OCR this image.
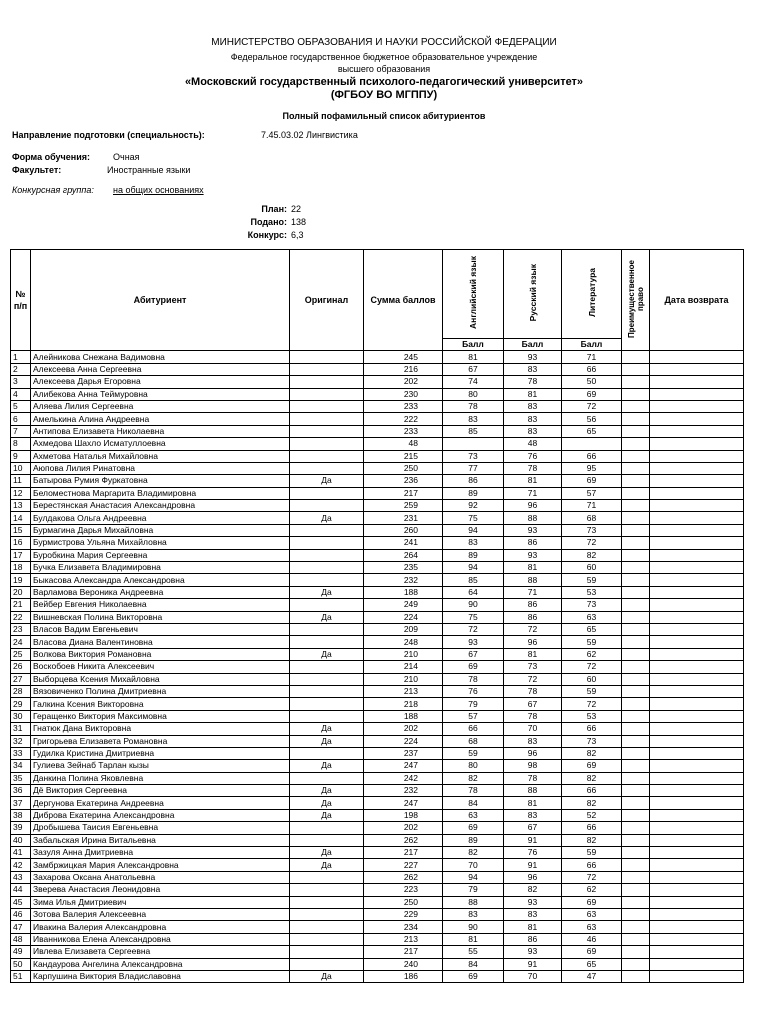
МИНИСТЕРСТВО ОБРАЗОВАНИЯ И НАУКИ РОССИЙСКОЙ ФЕДЕРАЦИИ
Федеральное государственное бюджетное образовательное учреждение
высшего образования
«Московский государственный психолого-педагогический университет»
(ФГБОУ ВО МГППУ)
Полный пофамильный список абитуриентов
Направление подготовки (специальность):	7.45.03.02 Лингвистика
Форма обучения:	Очная
Факультет:	Иностранные языки
Конкурсная группа: на общих основаниях
План: 22
Подано: 138
Конкурс: 6,3
№ п/п	Абитуриент	Оригинал	Сумма баллов	Английский язык	Русский язык	Литература	Преимущественное право	Дата возврата
				Балл	Балл	Балл		
1	Алейникова Снежана Вадимовна		245	81	93	71		
2	Алексеева Анна Сергеевна		216	67	83	66		
3	Алексеева Дарья Егоровна		202	74	78	50		
4	Алибекова Анна Теймуровна		230	80	81	69		
5	Аляева Лилия Сергеевна		233	78	83	72		
6	Амелькина Алина Андреевна		222	83	83	56		
7	Антипова Елизавета Николаевна		233	85	83	65		
8	Ахмедова Шахло Исматуллоевна		48		48			
9	Ахметова Наталья Михайловна		215	73	76	66		
10	Аюпова Лилия Ринатовна		250	77	78	95		
11	Батырова Румия Фуркатовна	Да	236	86	81	69		
12	Беломестнова Маргарита Владимировна		217	89	71	57		
13	Берестянская Анастасия Александровна		259	92	96	71		
14	Булдакова Ольга Андреевна	Да	231	75	88	68		
15	Бурмагина Дарья Михайловна		260	94	93	73		
16	Бурмистрова Ульяна Михайловна		241	83	86	72		
17	Буробкина Мария Сергеевна		264	89	93	82		
18	Бучка Елизавета Владимировна		235	94	81	60		
19	Быкасова Александра Александровна		232	85	88	59		
20	Варламова Вероника Андреевна	Да	188	64	71	53		
21	Вейбер Евгения Николаевна		249	90	86	73		
22	Вишневская Полина Викторовна	Да	224	75	86	63		
23	Власов Вадим Евгеньевич		209	72	72	65		
24	Власова Диана Валентиновна		248	93	96	59		
25	Волкова Виктория Романовна	Да	210	67	81	62		
26	Воскобоев Никита Алексеевич		214	69	73	72		
27	Выборцева Ксения Михайловна		210	78	72	60		
28	Вязовиченко Полина Дмитриевна		213	76	78	59		
29	Галкина Ксения Викторовна		218	79	67	72		
30	Геращенко Виктория Максимовна		188	57	78	53		
31	Гнатюк Дана Викторовна	Да	202	66	70	66		
32	Григорьева Елизавета Романовна	Да	224	68	83	73		
33	Гудилка Кристина Дмитриевна		237	59	96	82		
34	Гулиева Зейнаб Тарлан кызы	Да	247	80	98	69		
35	Данкина Полина Яковлевна		242	82	78	82		
36	Дё Виктория Сергеевна	Да	232	78	88	66		
37	Дергунова Екатерина Андреевна	Да	247	84	81	82		
38	Диброва Екатерина Александровна	Да	198	63	83	52		
39	Дробышева Таисия Евгеньевна		202	69	67	66		
40	Забальская Ирина Витальевна		262	89	91	82		
41	Зазуля Анна Дмитриевна	Да	217	82	76	59		
42	Замбржицкая Мария Александровна	Да	227	70	91	66		
43	Захарова Оксана Анатольевна		262	94	96	72		
44	Зверева Анастасия Леонидовна		223	79	82	62		
45	Зима Илья Дмитриевич		250	88	93	69		
46	Зотова Валерия Алексеевна		229	83	83	63		
47	Ивакина Валерия Александровна		234	90	81	63		
48	Иванникова Елена Александровна		213	81	86	46		
49	Ивлева Елизавета Сергеевна		217	55	93	69		
50	Кандаурова Ангелина Александровна		240	84	91	65		
51	Карпушина Виктория Владиславовна	Да	186	69	70	47		
